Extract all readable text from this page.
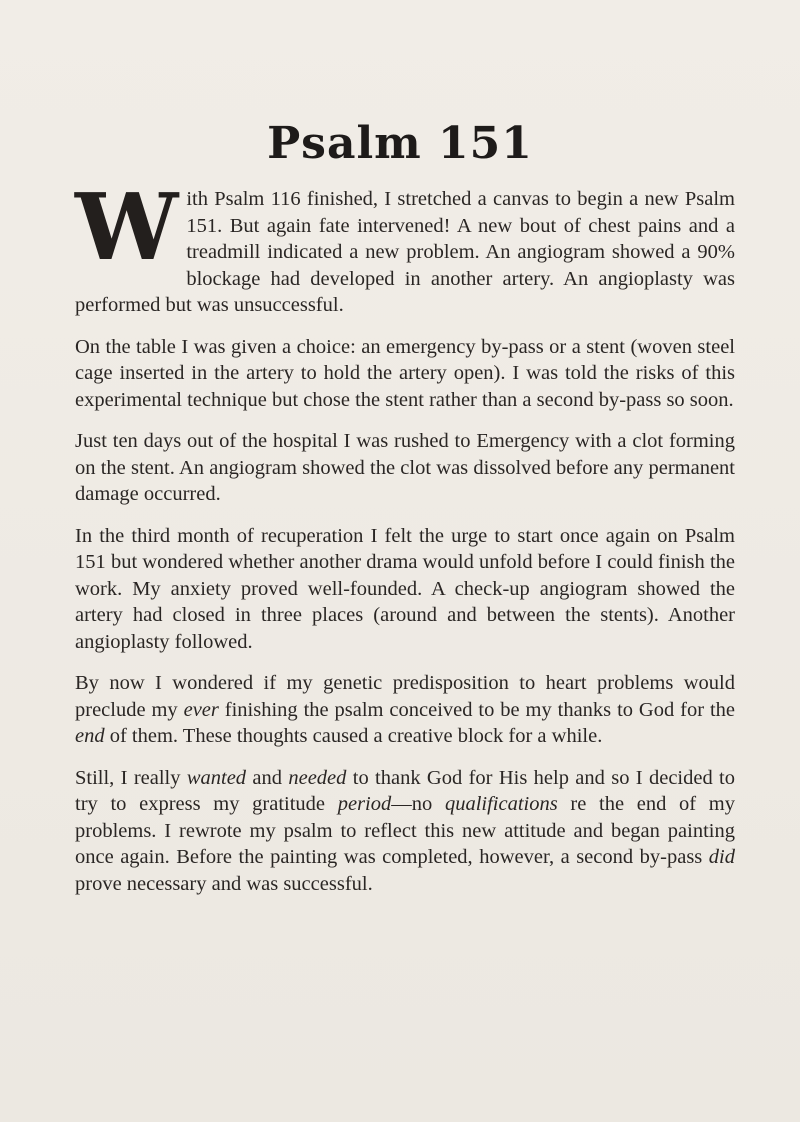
Psalm 151

With Psalm 116 finished, I stretched a canvas to begin a new Psalm 151. But again fate intervened! A new bout of chest pains and a treadmill indicated a new problem. An angiogram showed a 90% blockage had developed in another artery. An angioplasty was performed but was unsuccessful.

On the table I was given a choice: an emergency by-pass or a stent (woven steel cage inserted in the artery to hold the artery open). I was told the risks of this experimental technique but chose the stent rather than a second by-pass so soon.

Just ten days out of the hospital I was rushed to Emergency with a clot forming on the stent. An angiogram showed the clot was dissolved before any permanent damage occurred.

In the third month of recuperation I felt the urge to start once again on Psalm 151 but wondered whether another drama would unfold before I could finish the work. My anxiety proved well-founded. A check-up angiogram showed the artery had closed in three places (around and between the stents). Another angioplasty followed.

By now I wondered if my genetic predisposition to heart problems would preclude my ever finishing the psalm conceived to be my thanks to God for the end of them. These thoughts caused a creative block for a while.

Still, I really wanted and needed to thank God for His help and so I decided to try to express my gratitude period—no qualifications re the end of my problems. I rewrote my psalm to reflect this new attitude and began painting once again. Before the painting was completed, however, a second by-pass did prove necessary and was successful.
